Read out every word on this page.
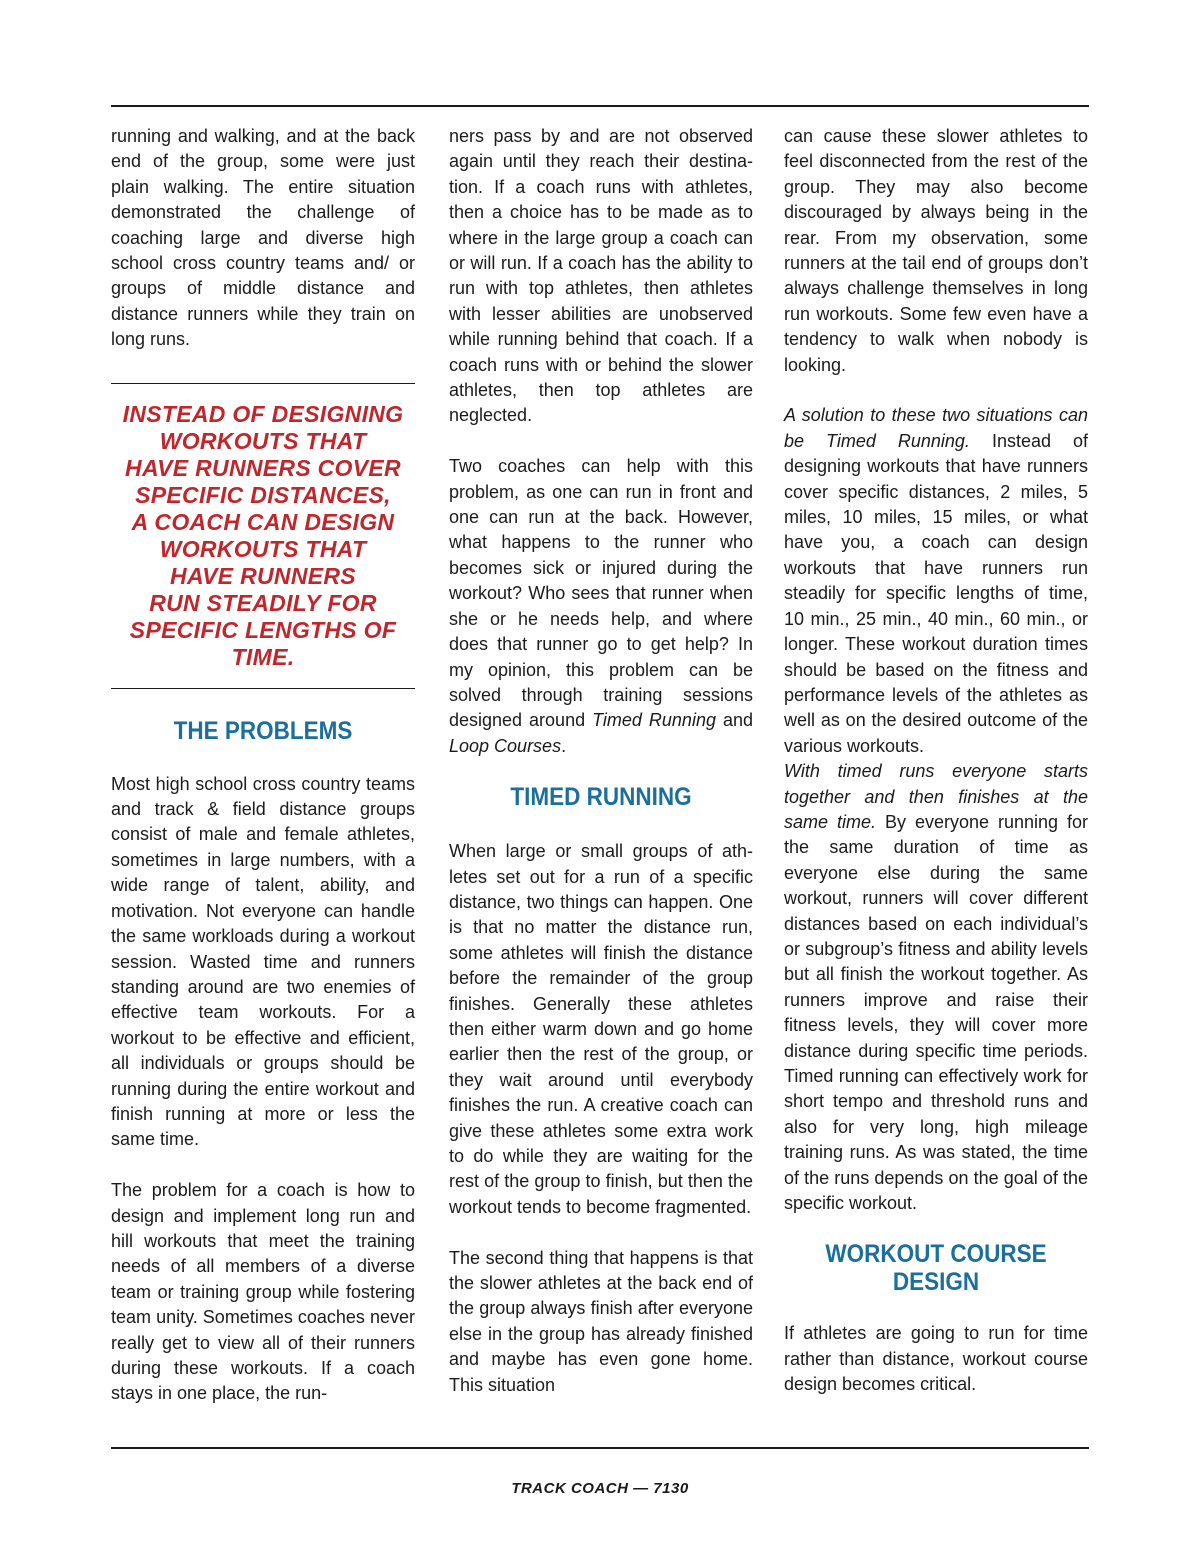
running and walking, and at the back end of the group, some were just plain walking. The entire situation demonstrated the challenge of coaching large and diverse high school cross country teams and/ or groups of middle distance and distance runners while they train on long runs.

INSTEAD OF DESIGNING
WORKOUTS THAT
HAVE RUNNERS COVER
SPECIFIC DISTANCES,
A COACH CAN DESIGN
WORKOUTS THAT
HAVE RUNNERS
RUN STEADILY FOR
SPECIFIC LENGTHS OF
TIME.
THE PROBLEMS

Most high school cross country teams and track & field distance groups consist of male and female athletes, sometimes in large numbers, with a wide range of talent, ability, and motivation. Not everyone can handle the same workloads during a workout session. Wasted time and runners standing around are two enemies of effective team workouts. For a workout to be effective and efficient, all individuals or groups should be running during the entire workout and finish running at more or less the same time.

The problem for a coach is how to design and implement long run and hill workouts that meet the training needs of all members of a diverse team or training group while fostering team unity. Sometimes coaches never really get to view all of their runners during these workouts. If a coach stays in one place, the run-

ners pass by and are not observed again until they reach their destination. If a coach runs with athletes, then a choice has to be made as to where in the large group a coach can or will run. If a coach has the ability to run with top athletes, then athletes with lesser abilities are unobserved while running behind that coach. If a coach runs with or behind the slower athletes, then top athletes are neglected.

Two coaches can help with this problem, as one can run in front and one can run at the back. However, what happens to the runner who becomes sick or injured during the workout? Who sees that runner when she or he needs help, and where does that runner go to get help? In my opinion, this problem can be solved through training sessions designed around Timed Running and Loop Courses.

TIMED RUNNING

When large or small groups of athletes set out for a run of a specific distance, two things can happen. One is that no matter the distance run, some athletes will finish the distance before the remainder of the group finishes. Generally these athletes then either warm down and go home earlier then the rest of the group, or they wait around until everybody finishes the run. A creative coach can give these athletes some extra work to do while they are waiting for the rest of the group to finish, but then the workout tends to become fragmented.

The second thing that happens is that the slower athletes at the back end of the group always finish after everyone else in the group has already finished and maybe has even gone home. This situation

can cause these slower athletes to feel disconnected from the rest of the group. They may also become discouraged by always being in the rear. From my observation, some runners at the tail end of groups don’t always challenge themselves in long run workouts. Some few even have a tendency to walk when nobody is looking.

A solution to these two situations can be Timed Running. Instead of designing workouts that have runners cover specific distances, 2 miles, 5 miles, 10 miles, 15 miles, or what have you, a coach can design workouts that have runners run steadily for specific lengths of time, 10 min., 25 min., 40 min., 60 min., or longer. These workout duration times should be based on the fitness and performance levels of the athletes as well as on the desired outcome of the various workouts.

With timed runs everyone starts together and then finishes at the same time. By everyone running for the same duration of time as everyone else during the same workout, runners will cover different distances based on each individual’s or subgroup’s fitness and ability levels but all finish the workout together. As runners improve and raise their fitness levels, they will cover more distance during specific time periods. Timed running can effectively work for short tempo and threshold runs and also for very long, high mileage training runs. As was stated, the time of the runs depends on the goal of the specific workout.

WORKOUT COURSE
DESIGN

If athletes are going to run for time rather than distance, workout course design becomes critical.

TRACK COACH — 7130
